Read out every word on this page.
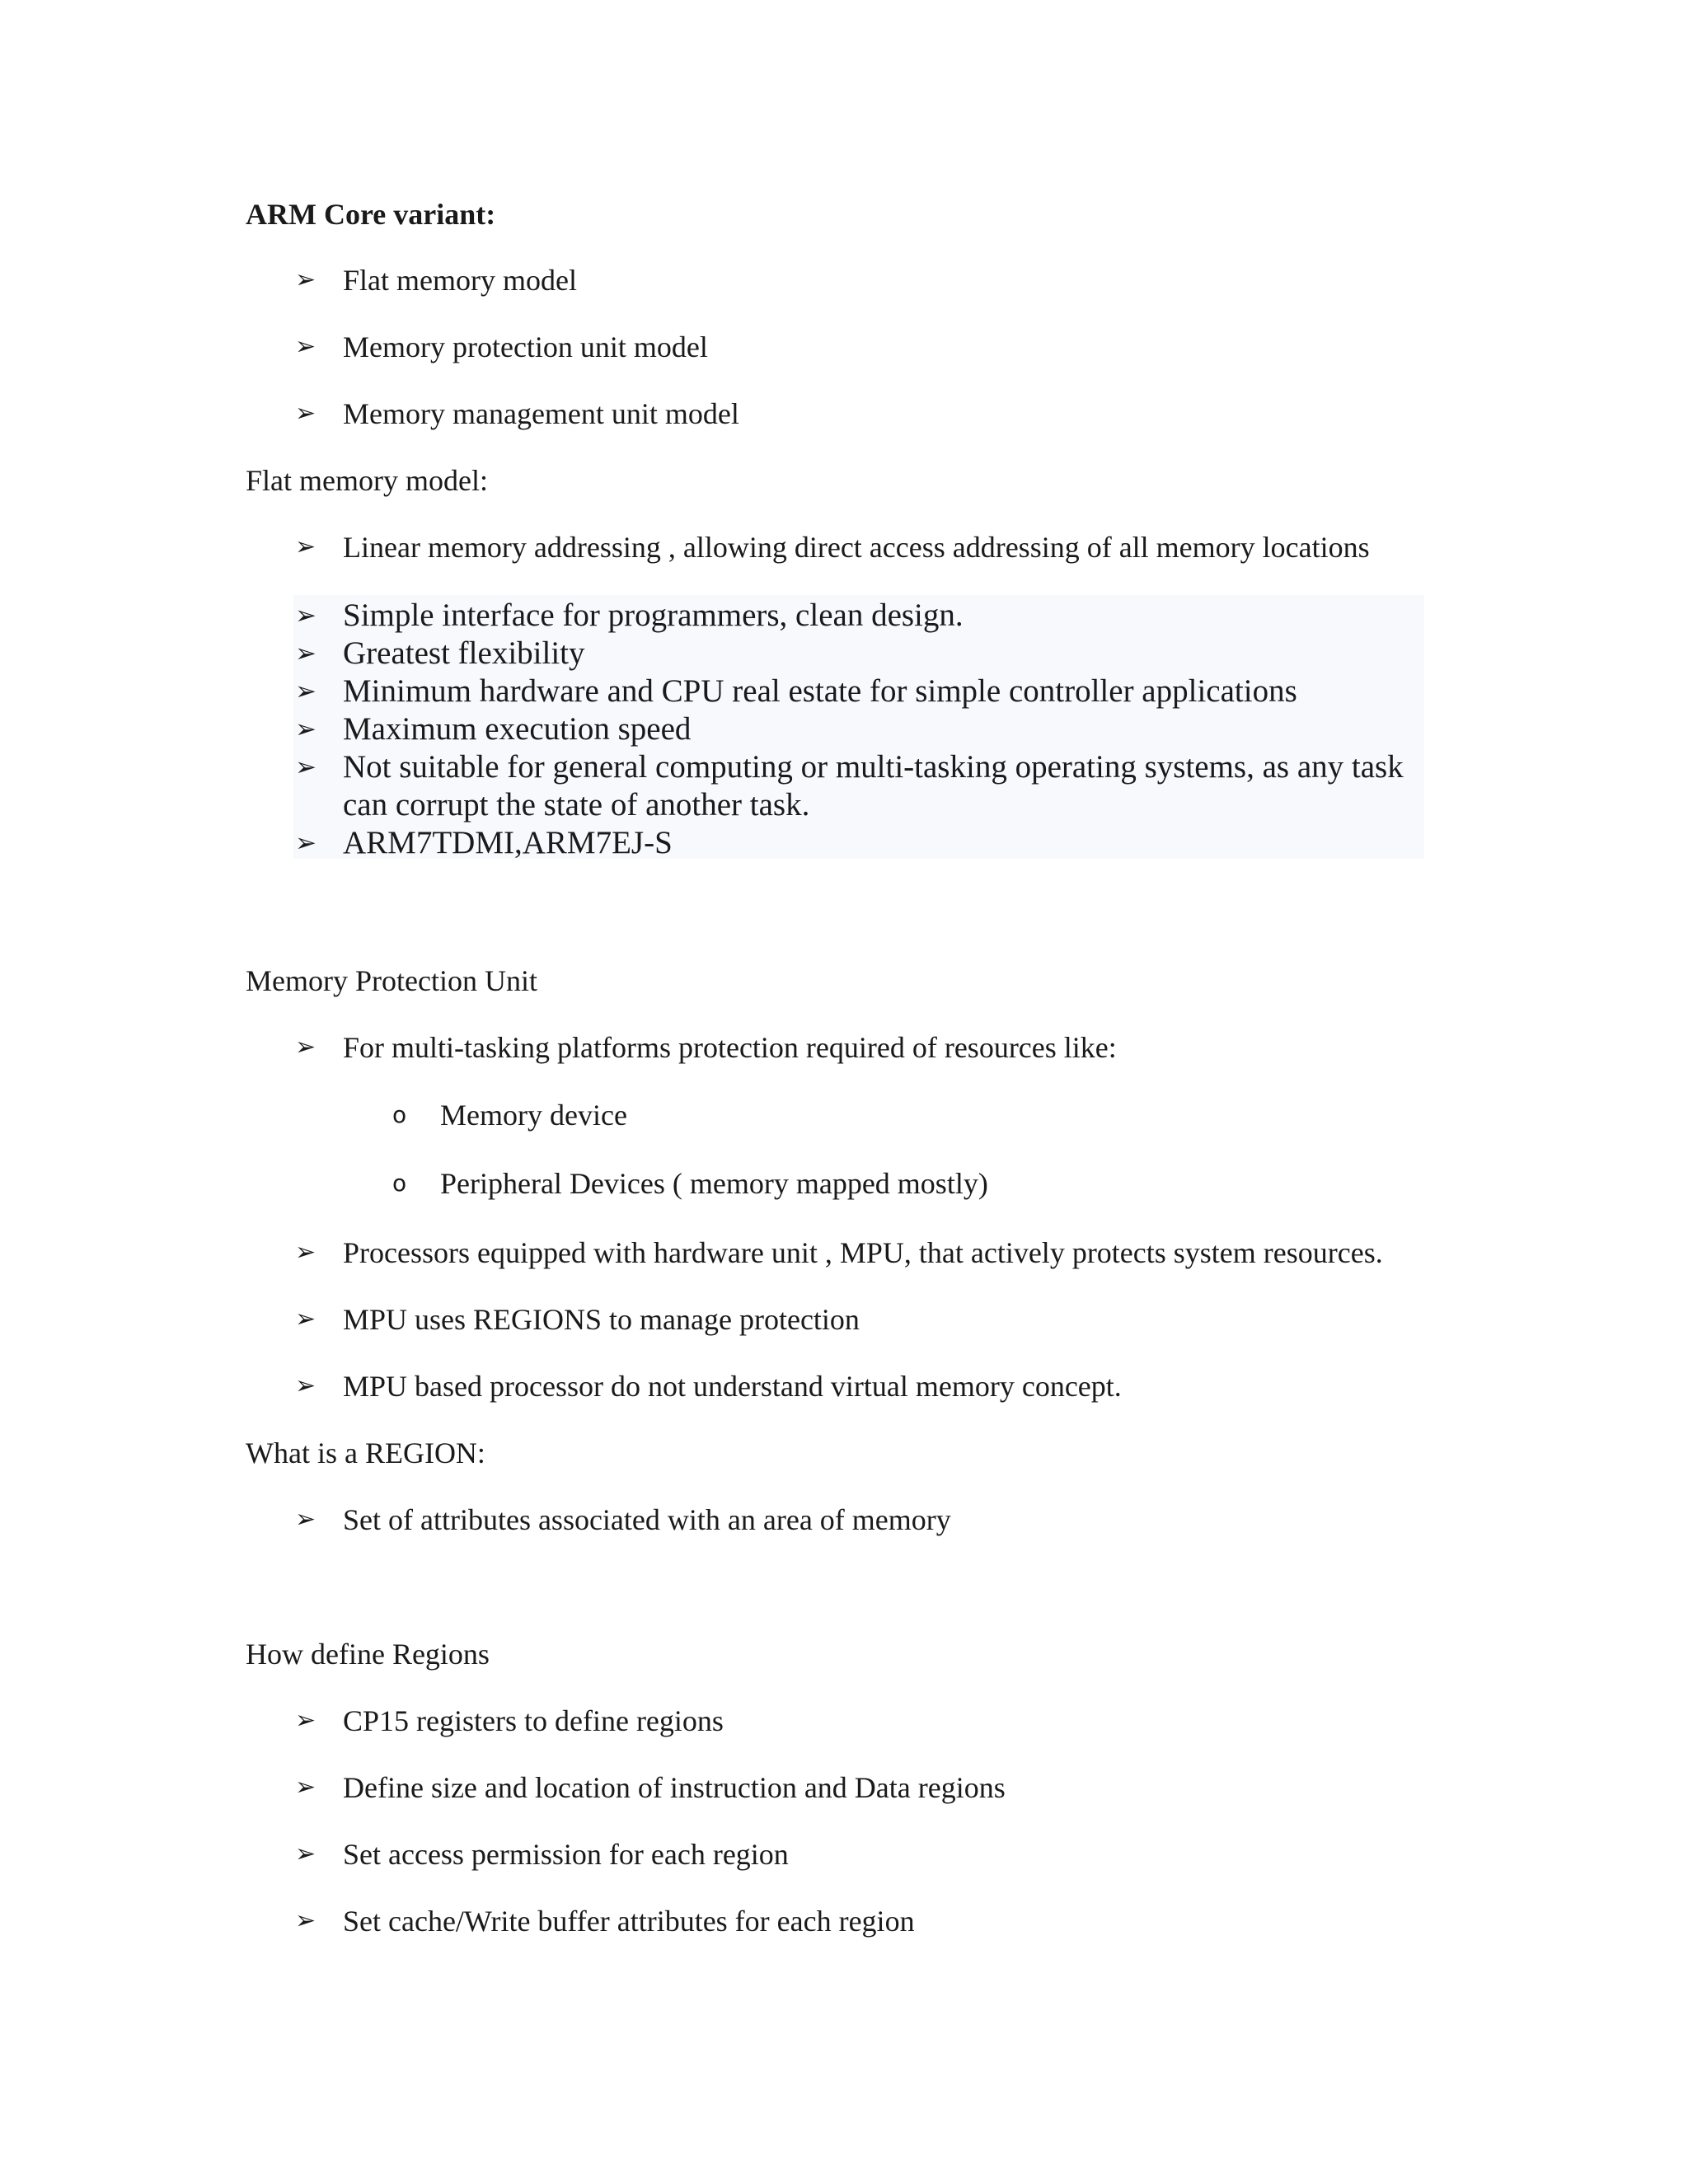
ARM Core variant:
➢ Flat memory model
➢ Memory protection unit model
➢ Memory management unit model
Flat memory model:
➢ Linear memory addressing , allowing direct access addressing of all memory locations
➢ Simple interface for programmers, clean design.
➢ Greatest flexibility
➢ Minimum hardware and CPU real estate for simple controller applications
➢ Maximum execution speed
➢ Not suitable for general computing or multi-tasking operating systems, as any task
can corrupt the state of another task.
➢ ARM7TDMI,ARM7EJ-S
Memory Protection Unit
➢ For multi-tasking platforms protection required of resources like:
o Memory device
o Peripheral Devices ( memory mapped mostly)
➢ Processors equipped with hardware unit , MPU, that actively protects system resources.
➢ MPU uses REGIONS to manage protection
➢ MPU based processor do not understand virtual memory concept.
What is a REGION:
➢ Set of attributes associated with an area of memory
How define Regions
➢ CP15 registers to define regions
➢ Define size and location of instruction and Data regions
➢ Set access permission for each region
➢ Set cache/Write buffer attributes for each region
